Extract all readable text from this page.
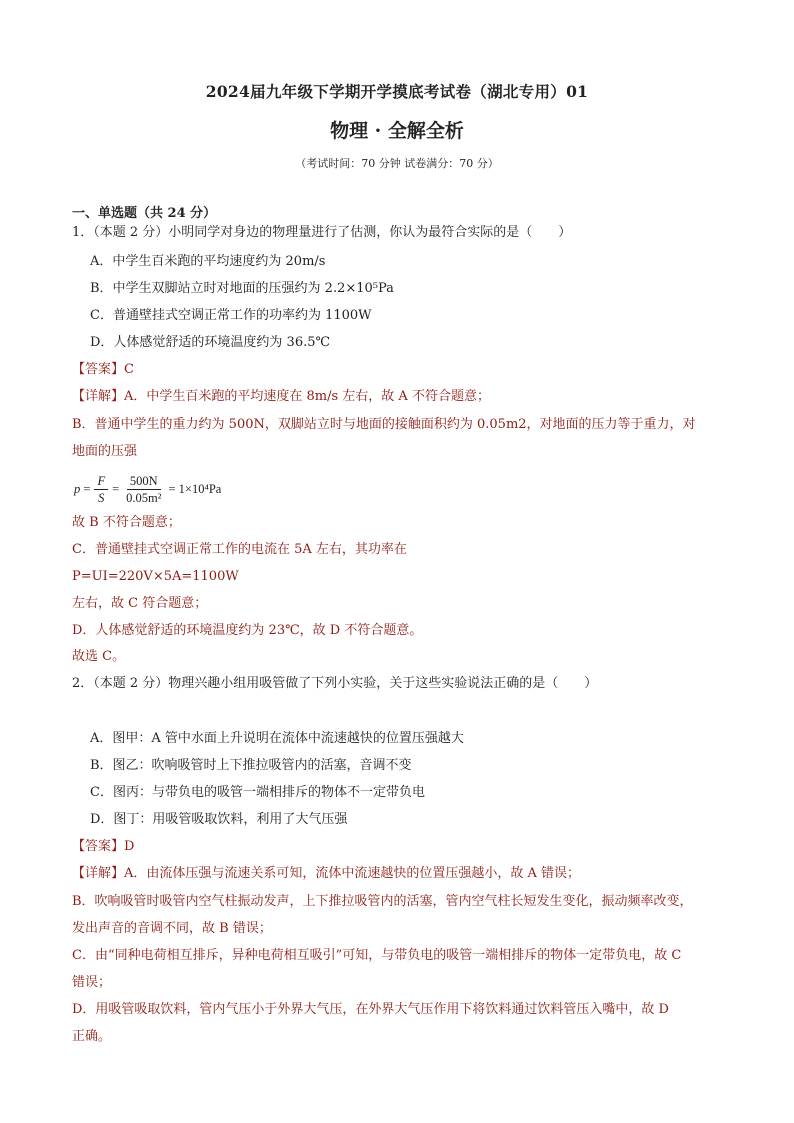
2024届九年级下学期开学摸底考试卷（湖北专用）01
物理 · 全解全析
（考试时间：70 分钟 试卷满分：70 分）
一、单选题（共 24 分）
1．（本题 2 分）小明同学对身边的物理量进行了估测，你认为最符合实际的是（　　）
A．中学生百米跑的平均速度约为 20m/s
B．中学生双脚站立时对地面的压强约为 2.2×10⁵Pa
C．普通壁挂式空调正常工作的功率约为 1100W
D．人体感觉舒适的环境温度约为 36.5℃
【答案】C
【详解】A．中学生百米跑的平均速度在 8m/s 左右，故 A 不符合题意；
B．普通中学生的重力约为 500N，双脚站立时与地面的接触面积约为 0.05m2，对地面的压力等于重力，对
地面的压强
$p = \frac{F}{S} = \frac{500N}{\text{0.05m²}} = 1\times 10^4Pa$
故 B 不符合题意；
C．普通壁挂式空调正常工作的电流在 5A 左右，其功率在
P=UI=220V×5A=1100W
左右，故 C 符合题意；
D．人体感觉舒适的环境温度约为 23℃，故 D 不符合题意。
故选 C。
2．（本题 2 分）物理兴趣小组用吸管做了下列小实验，关于这些实验说法正确的是（　　）
A．图甲：A 管中水面上升说明在流体中流速越快的位置压强越大
B．图乙：吹响吸管时上下推拉吸管内的活塞，音调不变
C．图丙：与带负电的吸管一端相排斥的物体不一定带负电
D．图丁：用吸管吸取饮料，利用了大气压强
【答案】D
【详解】A．由流体压强与流速关系可知，流体中流速越快的位置压强越小，故 A 错误；
B．吹响吸管时吸管内空气柱振动发声，上下推拉吸管内的活塞，管内空气柱长短发生变化，振动频率改变，
发出声音的音调不同，故 B 错误；
C．由“同种电荷相互排斥，异种电荷相互吸引”可知，与带负电的吸管一端相排斥的物体一定带负电，故 C
错误；
D．用吸管吸取饮料，管内气压小于外界大气压，在外界大气压作用下将饮料通过饮料管压入嘴中，故 D
正确。
